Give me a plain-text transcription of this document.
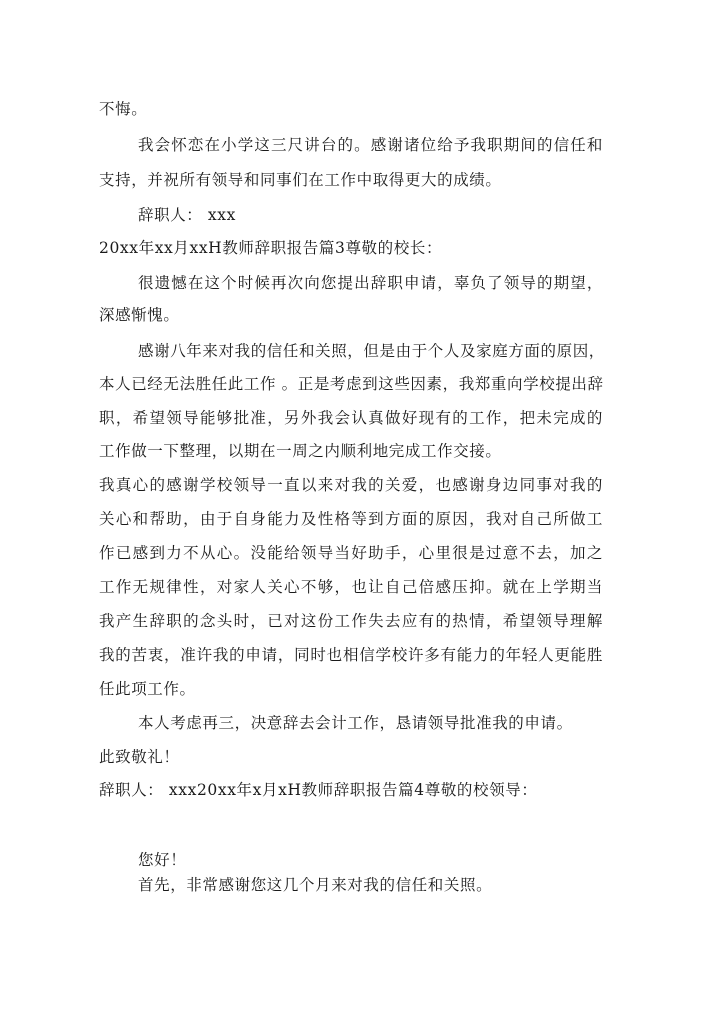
不悔。
我会怀恋在小学这三尺讲台的。感谢诸位给予我职期间的信任和
支持，并祝所有领导和同事们在工作中取得更大的成绩。
辞职人： xxx
20xx年xx月xxH教师辞职报告篇3尊敬的校长：
很遗憾在这个时候再次向您提出辞职申请，辜负了领导的期望，
深感惭愧。
感谢八年来对我的信任和关照，但是由于个人及家庭方面的原因，
本人已经无法胜任此工作 。正是考虑到这些因素，我郑重向学校提出辞
职，希望领导能够批准，另外我会认真做好现有的工作，把未完成的
工作做一下整理，以期在一周之内顺利地完成工作交接。
我真心的感谢学校领导一直以来对我的关爱，也感谢身边同事对我的
关心和帮助，由于自身能力及性格等到方面的原因，我对自己所做工
作已感到力不从心。没能给领导当好助手，心里很是过意不去，加之
工作无规律性，对家人关心不够，也让自己倍感压抑。就在上学期当
我产生辞职的念头时，已对这份工作失去应有的热情，希望领导理解
我的苦衷，准许我的申请，同时也相信学校许多有能力的年轻人更能胜
任此项工作。
本人考虑再三，决意辞去会计工作，恳请领导批准我的申请。
此致敬礼！
辞职人： xxx20xx年x月xH教师辞职报告篇4尊敬的校领导：
您好！
首先，非常感谢您这几个月来对我的信任和关照。
